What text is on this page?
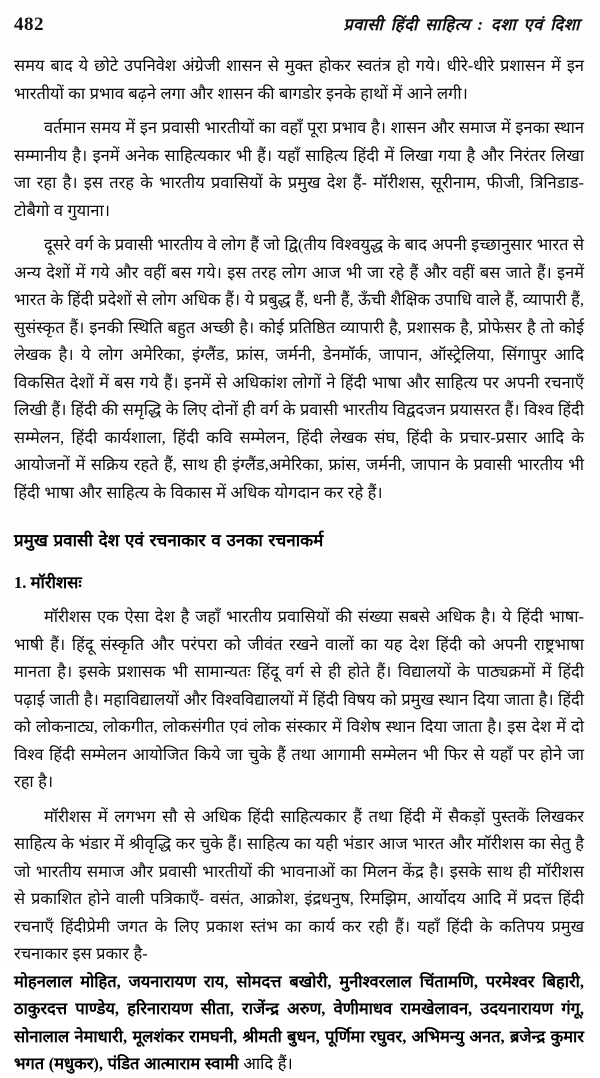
482	प्रवासी हिंदी साहित्य : दशा एवं दिशा

समय बाद ये छोटे उपनिवेश अंग्रेजी शासन से मुक्त होकर स्वतंत्र हो गये। धीरे-धीरे प्रशासन में इन भारतीयों का प्रभाव बढ़ने लगा और शासन की बागडोर इनके हाथों में आने लगी।

वर्तमान समय में इन प्रवासी भारतीयों का वहाँ पूरा प्रभाव है। शासन और समाज में इनका स्थान सम्मानीय है। इनमें अनेक साहित्यकार भी हैं। यहाँ साहित्य हिंदी में लिखा गया है और निरंतर लिखा जा रहा है। इस तरह के भारतीय प्रवासियों के प्रमुख देश हैं- मॉरीशस, सूरीनाम, फीजी, त्रिनिडाड-टोबैगो व गुयाना।

दूसरे वर्ग के प्रवासी भारतीय वे लोग हैं जो द्वि(तीय विश्वयुद्ध के बाद अपनी इच्छानुसार भारत से अन्य देशों में गये और वहीं बस गये। इस तरह लोग आज भी जा रहे हैं और वहीं बस जाते हैं। इनमें भारत के हिंदी प्रदेशों से लोग अधिक हैं। ये प्रबुद्ध हैं, धनी हैं, ऊँची शैक्षिक उपाधि वाले हैं, व्यापारी हैं, सुसंस्कृत हैं। इनकी स्थिति बहुत अच्छी है। कोई प्रतिष्ठित व्यापारी है, प्रशासक है, प्रोफेसर है तो कोई लेखक है। ये लोग अमेरिका, इंग्लैंड, फ्रांस, जर्मनी, डेनमॉर्क, जापान, ऑस्ट्रेलिया, सिंगापुर आदि विकसित देशों में बस गये हैं। इनमें से अधिकांश लोगों ने हिंदी भाषा और साहित्य पर अपनी रचनाएँ लिखी हैं। हिंदी की समृद्धि के लिए दोनों ही वर्ग के प्रवासी भारतीय विद्वदजन प्रयासरत हैं। विश्व हिंदी सम्मेलन, हिंदी कार्यशाला, हिंदी कवि सम्मेलन, हिंदी लेखक संघ, हिंदी के प्रचार-प्रसार आदि के आयोजनों में सक्रिय रहते हैं, साथ ही इंग्लैंड,अमेरिका, फ्रांस, जर्मनी, जापान के प्रवासी भारतीय भी हिंदी भाषा और साहित्य के विकास में अधिक योगदान कर रहे हैं।

प्रमुख प्रवासी देश एवं रचनाकार व उनका रचनाकर्म
1. मॉरीशसः

मॉरीशस एक ऐसा देश है जहाँ भारतीय प्रवासियों की संख्या सबसे अधिक है। ये हिंदी भाषा-भाषी हैं। हिंदू संस्कृति और परंपरा को जीवंत रखने वालों का यह देश हिंदी को अपनी राष्ट्रभाषा मानता है। इसके प्रशासक भी सामान्यतः हिंदू वर्ग से ही होते हैं। विद्यालयों के पाठ्यक्रमों में हिंदी पढ़ाई जाती है। महाविद्यालयों और विश्वविद्यालयों में हिंदी विषय को प्रमुख स्थान दिया जाता है। हिंदी को लोकनाट्य, लोकगीत, लोकसंगीत एवं लोक संस्कार में विशेष स्थान दिया जाता है। इस देश में दो विश्व हिंदी सम्मेलन आयोजित किये जा चुके हैं तथा आगामी सम्मेलन भी फिर से यहाँ पर होने जा रहा है।

मॉरीशस में लगभग सौ से अधिक हिंदी साहित्यकार हैं तथा हिंदी में सैकड़ों पुस्तकें लिखकर साहित्य के भंडार में श्रीवृद्धि कर चुके हैं। साहित्य का यही भंडार आज भारत और मॉरीशस का सेतु है जो भारतीय समाज और प्रवासी भारतीयों की भावनाओं का मिलन केंद्र है। इसके साथ ही मॉरीशस से प्रकाशित होने वाली पत्रिकाएँ- वसंत, आक्रोश, इंद्रधनुष, रिमझिम, आर्योदय आदि में प्रदत्त हिंदी रचनाएँ हिंदीप्रेमी जगत के लिए प्रकाश स्तंभ का कार्य कर रही हैं। यहाँ हिंदी के कतिपय प्रमुख रचनाकार इस प्रकार है-

मोहनलाल मोहित, जयनारायण राय, सोमदत्त बखोरी, मुनीश्वरलाल चिंतामणि, परमेश्वर बिहारी, ठाकुरदत्त पाण्डेय, हरिनारायण सीता, राजेंन्द्र अरुण, वेणीमाधव रामखेलावन, उदयनारायण गंगू, सोनालाल नेमाधारी, मूलशंकर रामघनी, श्रीमती बुधन, पूर्णिमा रघुवर, अभिमन्यु अनत, ब्रजेन्द्र कुमार भगत (मधुकर), पंडित आत्माराम स्वामी आदि हैं।
